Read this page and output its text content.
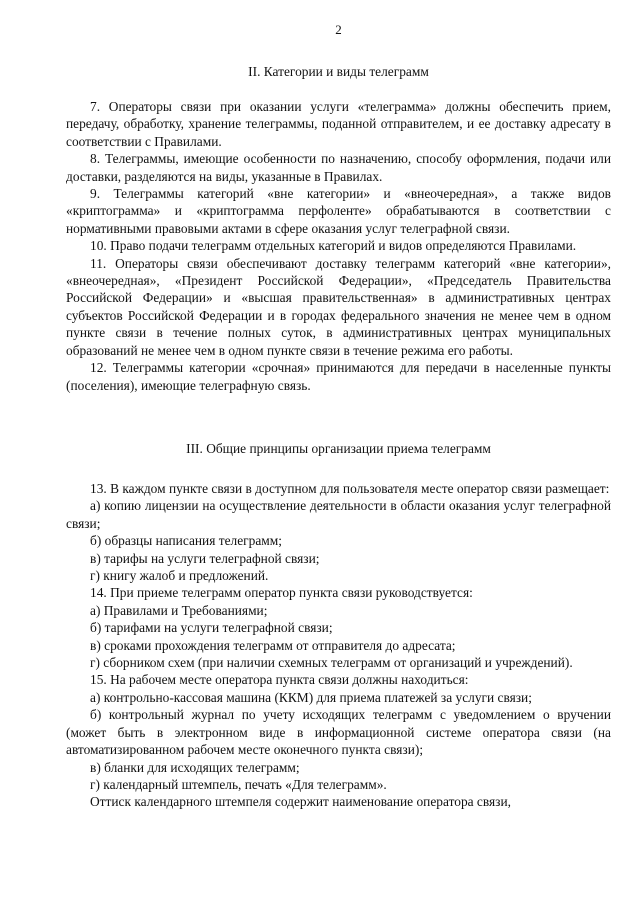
2
II. Категории и виды телеграмм

7. Операторы связи при оказании услуги «телеграмма» должны обеспечить прием, передачу, обработку, хранение телеграммы, поданной отправителем, и ее доставку адресату в соответствии с Правилами.

8. Телеграммы, имеющие особенности по назначению, способу оформления, подачи или доставки, разделяются на виды, указанные в Правилах.

9. Телеграммы категорий «вне категории» и «внеочередная», а также видов «криптограмма» и «криптограмма перфоленте» обрабатываются в соответствии с нормативными правовыми актами в сфере оказания услуг телеграфной связи.

10. Право подачи телеграмм отдельных категорий и видов определяются Правилами.

11. Операторы связи обеспечивают доставку телеграмм категорий «вне категории», «внеочередная», «Президент Российской Федерации», «Председатель Правительства Российской Федерации» и «высшая правительственная» в административных центрах субъектов Российской Федерации и в городах федерального значения не менее чем в одном пункте связи в течение полных суток, в административных центрах муниципальных образований не менее чем в одном пункте связи в течение режима его работы.

12. Телеграммы категории «срочная» принимаются для передачи в населенные пункты (поселения), имеющие телеграфную связь.

III. Общие принципы организации приема телеграмм

13. В каждом пункте связи в доступном для пользователя месте оператор связи размещает:

а) копию лицензии на осуществление деятельности в области оказания услуг телеграфной связи;

б) образцы написания телеграмм;

в) тарифы на услуги телеграфной связи;

г) книгу жалоб и предложений.

14. При приеме телеграмм оператор пункта связи руководствуется:

а) Правилами и Требованиями;

б) тарифами на услуги телеграфной связи;

в) сроками прохождения телеграмм от отправителя до адресата;

г) сборником схем (при наличии схемных телеграмм от организаций и учреждений).

15. На рабочем месте оператора пункта связи должны находиться:

а) контрольно-кассовая машина (ККМ) для приема платежей за услуги связи;

б) контрольный журнал по учету исходящих телеграмм с уведомлением о вручении (может быть в электронном виде в информационной системе оператора связи (на автоматизированном рабочем месте оконечного пункта связи);

в) бланки для исходящих телеграмм;

г) календарный штемпель, печать «Для телеграмм».

Оттиск календарного штемпеля содержит наименование оператора связи,
